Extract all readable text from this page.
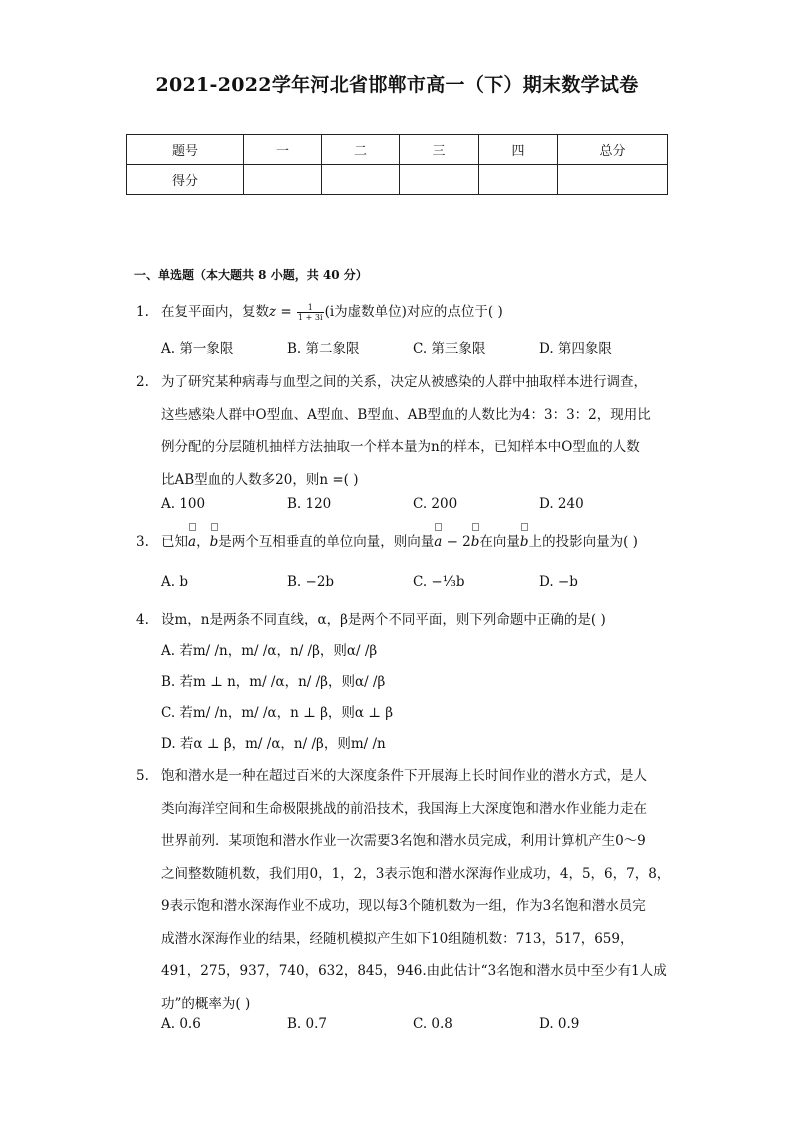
2021-2022学年河北省邯郸市高一（下）期末数学试卷
题号	一	二	三	四	总分
得分					
一、单选题（本大题共 8 小题，共 40 分）
1. 在复平面内，复数$z = \frac{1}{1 + 3i} (i$为虚数单位)对应的点位于( )
A. 第一象限	B. 第二象限	C. 第三象限	D. 第四象限
2. 为了研究某种病毒与血型之间的关系，决定从被感染的人群中抽取样本进行调查，
这些感染人群中O型血、A型血、B型血、AB型血的人数比为4：3：3：2，现用比
例分配的分层随机抽样方法抽取一个样本量为n的样本，已知样本中O型血的人数
比AB型血的人数多20，则n =( )
A. 100	B. 120	C. 200	D. 240
3. 已知a，b是两个互相垂直的单位向量，则向量a − 2b在向量b上的投影向量为( )
A. b	B. −2b	C. −⅓b	D. −b
4. 设m，n是两条不同直线，α，β是两个不同平面，则下列命题中正确的是( )
A. 若m/ /n，m/ /α，n/ /β，则α/ /β
B. 若m ⊥ n，m/ /α，n/ /β，则α/ /β
C. 若m/ /n，m/ /α，n ⊥ β，则α ⊥ β
D. 若α ⊥ β，m/ /α，n/ /β，则m/ /n
5. 饱和潜水是一种在超过百米的大深度条件下开展海上长时间作业的潜水方式，是人
类向海洋空间和生命极限挑战的前沿技术，我国海上大深度饱和潜水作业能力走在
世界前列．某项饱和潜水作业一次需要3名饱和潜水员完成，利用计算机产生0～9
之间整数随机数，我们用0，1，2，3表示饱和潜水深海作业成功，4，5，6，7，8，
9表示饱和潜水深海作业不成功，现以每3个随机数为一组，作为3名饱和潜水员完
成潜水深海作业的结果，经随机模拟产生如下10组随机数：713，517，659，
491，275，937，740，632，845，946.由此估计“3名饱和潜水员中至少有1人成
功”的概率为( )
A. 0.6	B. 0.7	C. 0.8	D. 0.9
